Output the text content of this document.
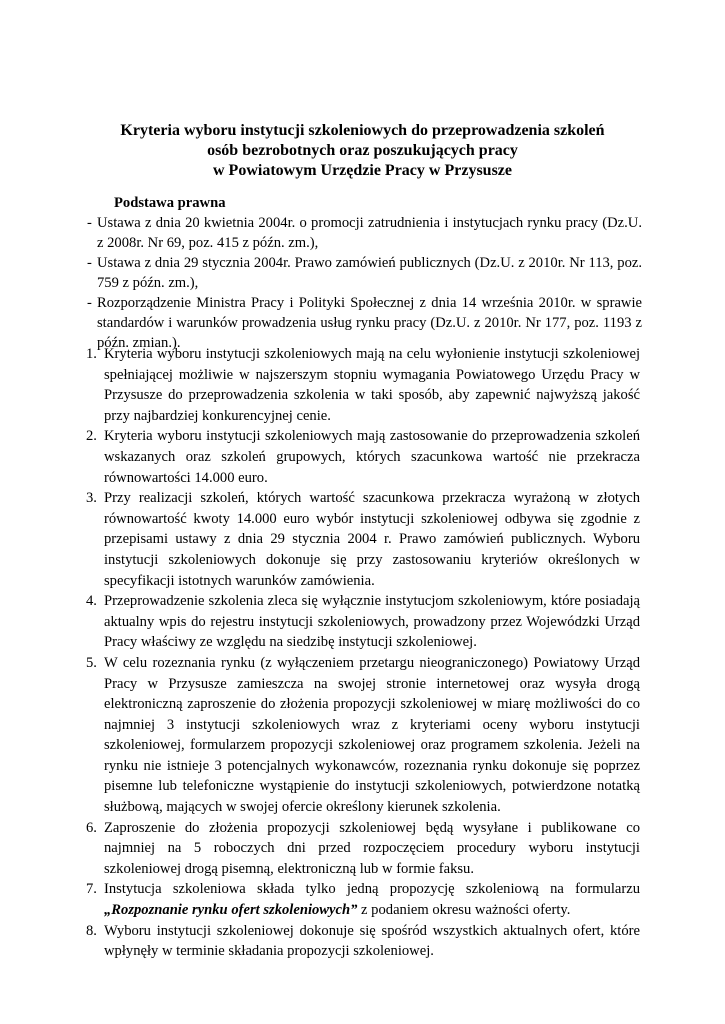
Kryteria wyboru instytucji szkoleniowych do przeprowadzenia szkoleń
osób bezrobotnych oraz poszukujących pracy
w Powiatowym Urzędzie Pracy w Przysusze
Podstawa prawna
- Ustawa z dnia 20 kwietnia 2004r. o promocji zatrudnienia i instytucjach rynku pracy (Dz.U. z 2008r. Nr 69, poz. 415 z późn. zm.),
- Ustawa z dnia 29 stycznia 2004r. Prawo zamówień publicznych (Dz.U. z 2010r. Nr 113, poz. 759 z późn. zm.),
- Rozporządzenie Ministra Pracy i Polityki Społecznej z dnia 14 września 2010r. w sprawie standardów i warunków prowadzenia usług rynku pracy (Dz.U. z 2010r. Nr 177, poz. 1193 z późn. zmian.).
1. Kryteria wyboru instytucji szkoleniowych mają na celu wyłonienie instytucji szkoleniowej spełniającej możliwie w najszerszym stopniu wymagania Powiatowego Urzędu Pracy w Przysusze do przeprowadzenia szkolenia w taki sposób, aby zapewnić najwyższą jakość przy najbardziej konkurencyjnej cenie.
2. Kryteria wyboru instytucji szkoleniowych mają zastosowanie do przeprowadzenia szkoleń wskazanych oraz szkoleń grupowych, których szacunkowa wartość nie przekracza równowartości 14.000 euro.
3. Przy realizacji szkoleń, których wartość szacunkowa przekracza wyrażoną w złotych równowartość kwoty 14.000 euro wybór instytucji szkoleniowej odbywa się zgodnie z przepisami ustawy z dnia 29 stycznia 2004 r. Prawo zamówień publicznych. Wyboru instytucji szkoleniowych dokonuje się przy zastosowaniu kryteriów określonych w specyfikacji istotnych warunków zamówienia.
4. Przeprowadzenie szkolenia zleca się wyłącznie instytucjom szkoleniowym, które posiadają aktualny wpis do rejestru instytucji szkoleniowych, prowadzony przez Wojewódzki Urząd Pracy właściwy ze względu na siedzibę instytucji szkoleniowej.
5. W celu rozeznania rynku (z wyłączeniem przetargu nieograniczonego) Powiatowy Urząd Pracy w Przysusze zamieszcza na swojej stronie internetowej oraz wysyła drogą elektroniczną zaproszenie do złożenia propozycji szkoleniowej w miarę możliwości do co najmniej 3 instytucji szkoleniowych wraz z kryteriami oceny wyboru instytucji szkoleniowej, formularzem propozycji szkoleniowej oraz programem szkolenia. Jeżeli na rynku nie istnieje 3 potencjalnych wykonawców, rozeznania rynku dokonuje się poprzez pisemne lub telefoniczne wystąpienie do instytucji szkoleniowych, potwierdzone notatką służbową, mających w swojej ofercie określony kierunek szkolenia.
6. Zaproszenie do złożenia propozycji szkoleniowej będą wysyłane i publikowane co najmniej na 5 roboczych dni przed rozpoczęciem procedury wyboru instytucji szkoleniowej drogą pisemną, elektroniczną lub w formie faksu.
7. Instytucja szkoleniowa składa tylko jedną propozycję szkoleniową na formularzu „Rozpoznanie rynku ofert szkoleniowych” z podaniem okresu ważności oferty.
8. Wyboru instytucji szkoleniowej dokonuje się spośród wszystkich aktualnych ofert, które wpłynęły w terminie składania propozycji szkoleniowej.
